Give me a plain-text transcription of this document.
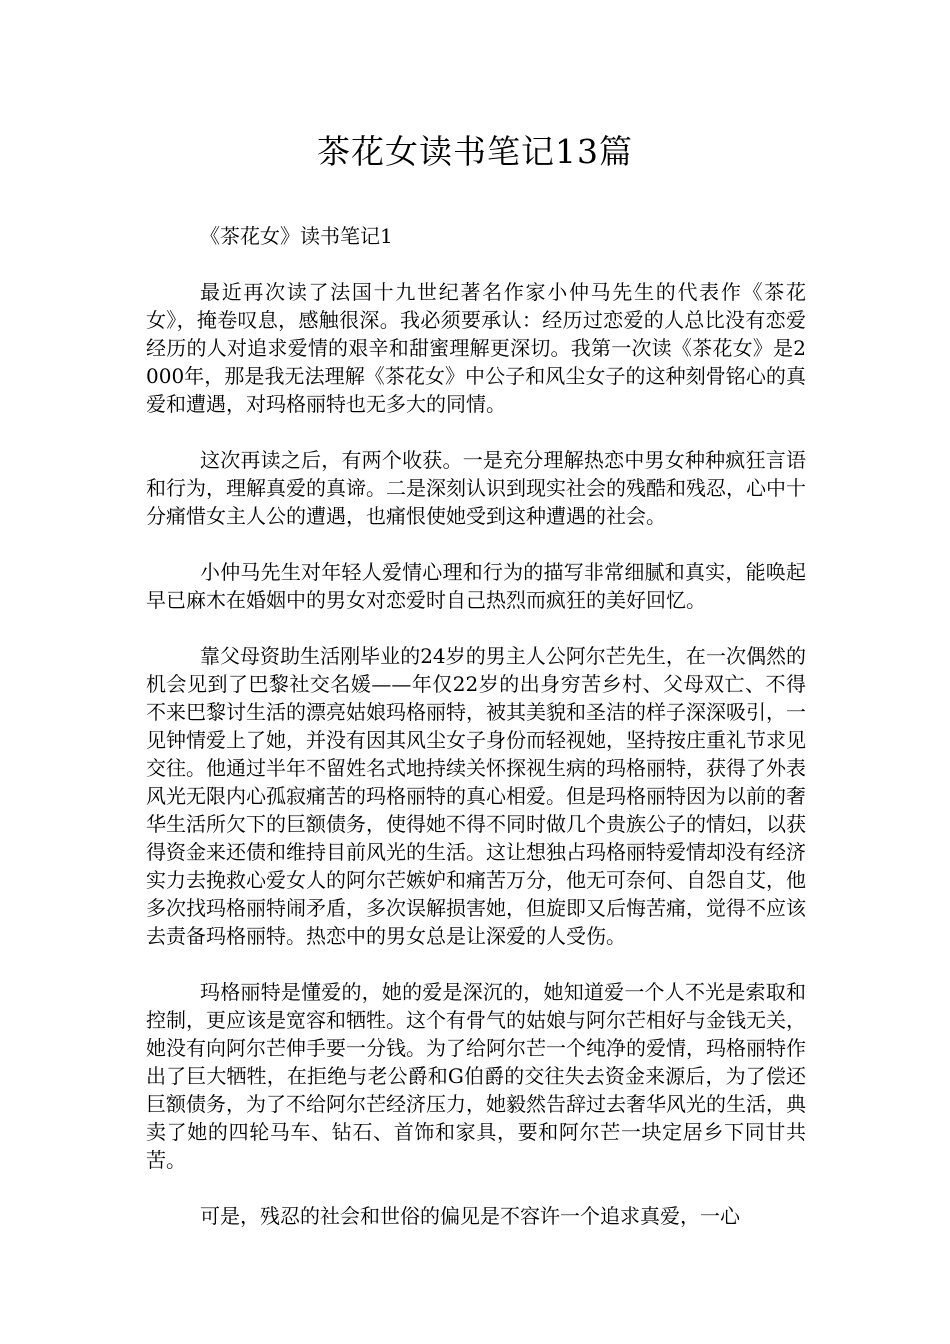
茶花女读书笔记13篇

《茶花女》读书笔记1

最近再次读了法国十九世纪著名作家小仲马先生的代表作《茶花女》，掩卷叹息，感触很深。我必须要承认：经历过恋爱的人总比没有恋爱经历的人对追求爱情的艰辛和甜蜜理解更深切。我第一次读《茶花女》是2000年，那是我无法理解《茶花女》中公子和风尘女子的这种刻骨铭心的真爱和遭遇，对玛格丽特也无多大的同情。

这次再读之后，有两个收获。一是充分理解热恋中男女种种疯狂言语和行为，理解真爱的真谛。二是深刻认识到现实社会的残酷和残忍，心中十分痛惜女主人公的遭遇，也痛恨使她受到这种遭遇的社会。

小仲马先生对年轻人爱情心理和行为的描写非常细腻和真实，能唤起早已麻木在婚姻中的男女对恋爱时自己热烈而疯狂的美好回忆。

靠父母资助生活刚毕业的24岁的男主人公阿尔芒先生，在一次偶然的机会见到了巴黎社交名媛——年仅22岁的出身穷苦乡村、父母双亡、不得不来巴黎讨生活的漂亮姑娘玛格丽特，被其美貌和圣洁的样子深深吸引，一见钟情爱上了她，并没有因其风尘女子身份而轻视她，坚持按庄重礼节求见交往。他通过半年不留姓名式地持续关怀探视生病的玛格丽特，获得了外表风光无限内心孤寂痛苦的玛格丽特的真心相爱。但是玛格丽特因为以前的奢华生活所欠下的巨额债务，使得她不得不同时做几个贵族公子的情妇，以获得资金来还债和维持目前风光的生活。这让想独占玛格丽特爱情却没有经济实力去挽救心爱女人的阿尔芒嫉妒和痛苦万分，他无可奈何、自怨自艾，他多次找玛格丽特闹矛盾，多次误解损害她，但旋即又后悔苦痛，觉得不应该去责备玛格丽特。热恋中的男女总是让深爱的人受伤。

玛格丽特是懂爱的，她的爱是深沉的，她知道爱一个人不光是索取和控制，更应该是宽容和牺牲。这个有骨气的姑娘与阿尔芒相好与金钱无关，她没有向阿尔芒伸手要一分钱。为了给阿尔芒一个纯净的爱情，玛格丽特作出了巨大牺牲，在拒绝与老公爵和G伯爵的交往失去资金来源后，为了偿还巨额债务，为了不给阿尔芒经济压力，她毅然告辞过去奢华风光的生活，典卖了她的四轮马车、钻石、首饰和家具，要和阿尔芒一块定居乡下同甘共苦。

可是，残忍的社会和世俗的偏见是不容许一个追求真爱，一心
